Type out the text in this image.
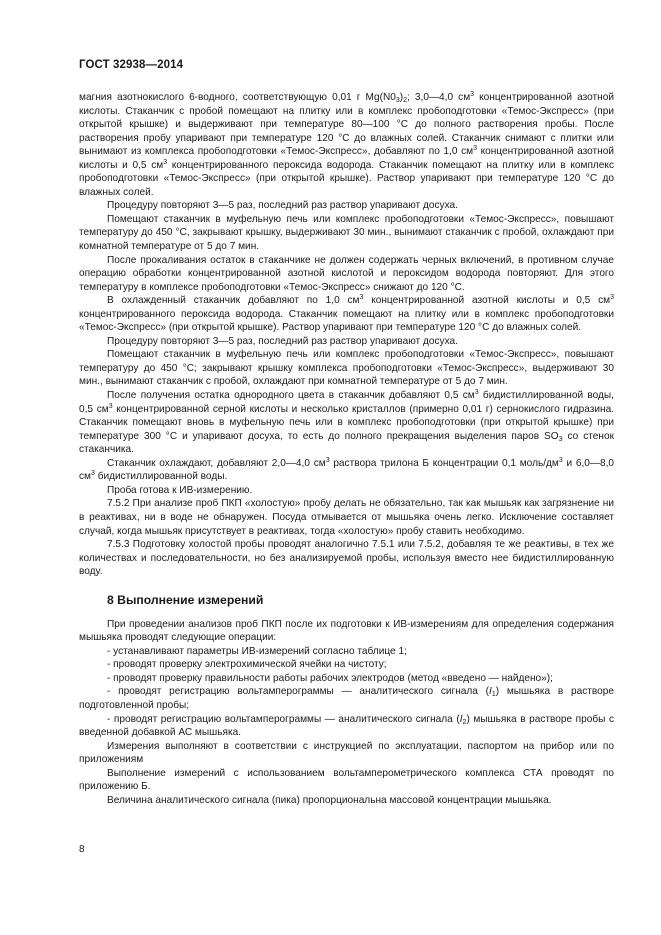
ГОСТ 32938—2014

магния азотнокислого 6-водного, соответствующую 0,01 г $Mg(N0_3)_2$; 3,0—4,0 $см^3$ концентрированной азотной кислоты. Стаканчик с пробой помещают на плитку или в комплекс пробоподготовки «Темос-Экспресс» (при открытой крышке) и выдерживают при температуре 80—100 °С до полного растворения пробы. После растворения пробу упаривают при температуре 120 °С до влажных солей. Стаканчик снимают с плитки или вынимают из комплекса пробоподготовки «Темос-Экспресс», добавляют по 1,0 $см^3$ концентрированной азотной кислоты и 0,5 $см^3$ концентрированного пероксида водорода. Стаканчик помещают на плитку или в комплекс пробоподготовки «Темос-Экспресс» (при открытой крышке). Раствор упаривают при температуре 120 °С до влажных солей.

Процедуру повторяют 3—5 раз, последний раз раствор упаривают досуха.

Помещают стаканчик в муфельную печь или комплекс пробоподготовки «Темос-Экспресс», повышают температуру до 450 °С, закрывают крышку, выдерживают 30 мин., вынимают стаканчик с пробой, охлаждают при комнатной температуре от 5 до 7 мин.

После прокаливания остаток в стаканчике не должен содержать черных включений, в противном случае операцию обработки концентрированной азотной кислотой и пероксидом водорода повторяют. Для этого температуру в комплексе пробоподготовки «Темос-Экспресс» снижают до 120 °С.

В охлажденный стаканчик добавляют по 1,0 $см^3$ концентрированной азотной кислоты и 0,5 $см^3$ концентрированного пероксида водорода. Стаканчик помещают на плитку или в комплекс пробоподготовки «Темос-Экспресс» (при открытой крышке). Раствор упаривают при температуре 120 °С до влажных солей.

Процедуру повторяют 3—5 раз, последний раз раствор упаривают досуха.

Помещают стаканчик в муфельную печь или комплекс пробоподготовки «Темос-Экспресс», повышают температуру до 450 °С; закрывают крышку комплекса пробоподготовки «Темос-Экспресс», выдерживают 30 мин., вынимают стаканчик с пробой, охлаждают при комнатной температуре от 5 до 7 мин.

После получения остатка однородного цвета в стаканчик добавляют 0,5 $см^3$ бидистиллированной воды, 0,5 $см^3$ концентрированной серной кислоты и несколько кристаллов (примерно 0,01 г) сернокислого гидразина. Стаканчик помещают вновь в муфельную печь или в комплекс пробоподготовки (при открытой крышке) при температуре 300 °С и упаривают досуха, то есть до полного прекращения выделения паров $SO_3$ со стенок стаканчика.

Стаканчик охлаждают, добавляют 2,0—4,0 $см^3$ раствора трилона Б концентрации 0,1 моль/$дм^3$ и 6,0—8,0 $см^3$ бидистиллированной воды.

Проба готова к ИВ-измерению.

7.5.2 При анализе проб ПКП «холостую» пробу делать не обязательно, так как мышьяк как загрязнение ни в реактивах, ни в воде не обнаружен. Посуда отмывается от мышьяка очень легко. Исключение составляет случай, когда мышьяк присутствует в реактивах, тогда «холостую» пробу ставить необходимо.

7.5.3 Подготовку холостой пробы проводят аналогично 7.5.1 или 7.5.2, добавляя те же реактивы, в тех же количествах и последовательности, но без анализируемой пробы, используя вместо нее бидистиллированную воду.

8 Выполнение измерений

При проведении анализов проб ПКП после их подготовки к ИВ-измерениям для определения содержания мышьяка проводят следующие операции:

- устанавливают параметры ИВ-измерений согласно таблице 1;

- проводят проверку электрохимической ячейки на чистоту;

- проводят проверку правильности работы рабочих электродов (метод «введено — найдено»);

- проводят регистрацию вольтамперограммы — аналитического сигнала $(I_1)$ мышьяка в растворе подготовленной пробы;

- проводят регистрацию вольтамперограммы — аналитического сигнала $(I_2)$ мышьяка в растворе пробы с введенной добавкой АС мышьяка.

Измерения выполняют в соответствии с инструкцией по эксплуатации, паспортом на прибор или по приложениям

Выполнение измерений с использованием вольтамперометрического комплекса СТА проводят по приложению Б.

Величина аналитического сигнала (пика) пропорциональна массовой концентрации мышьяка.

8
